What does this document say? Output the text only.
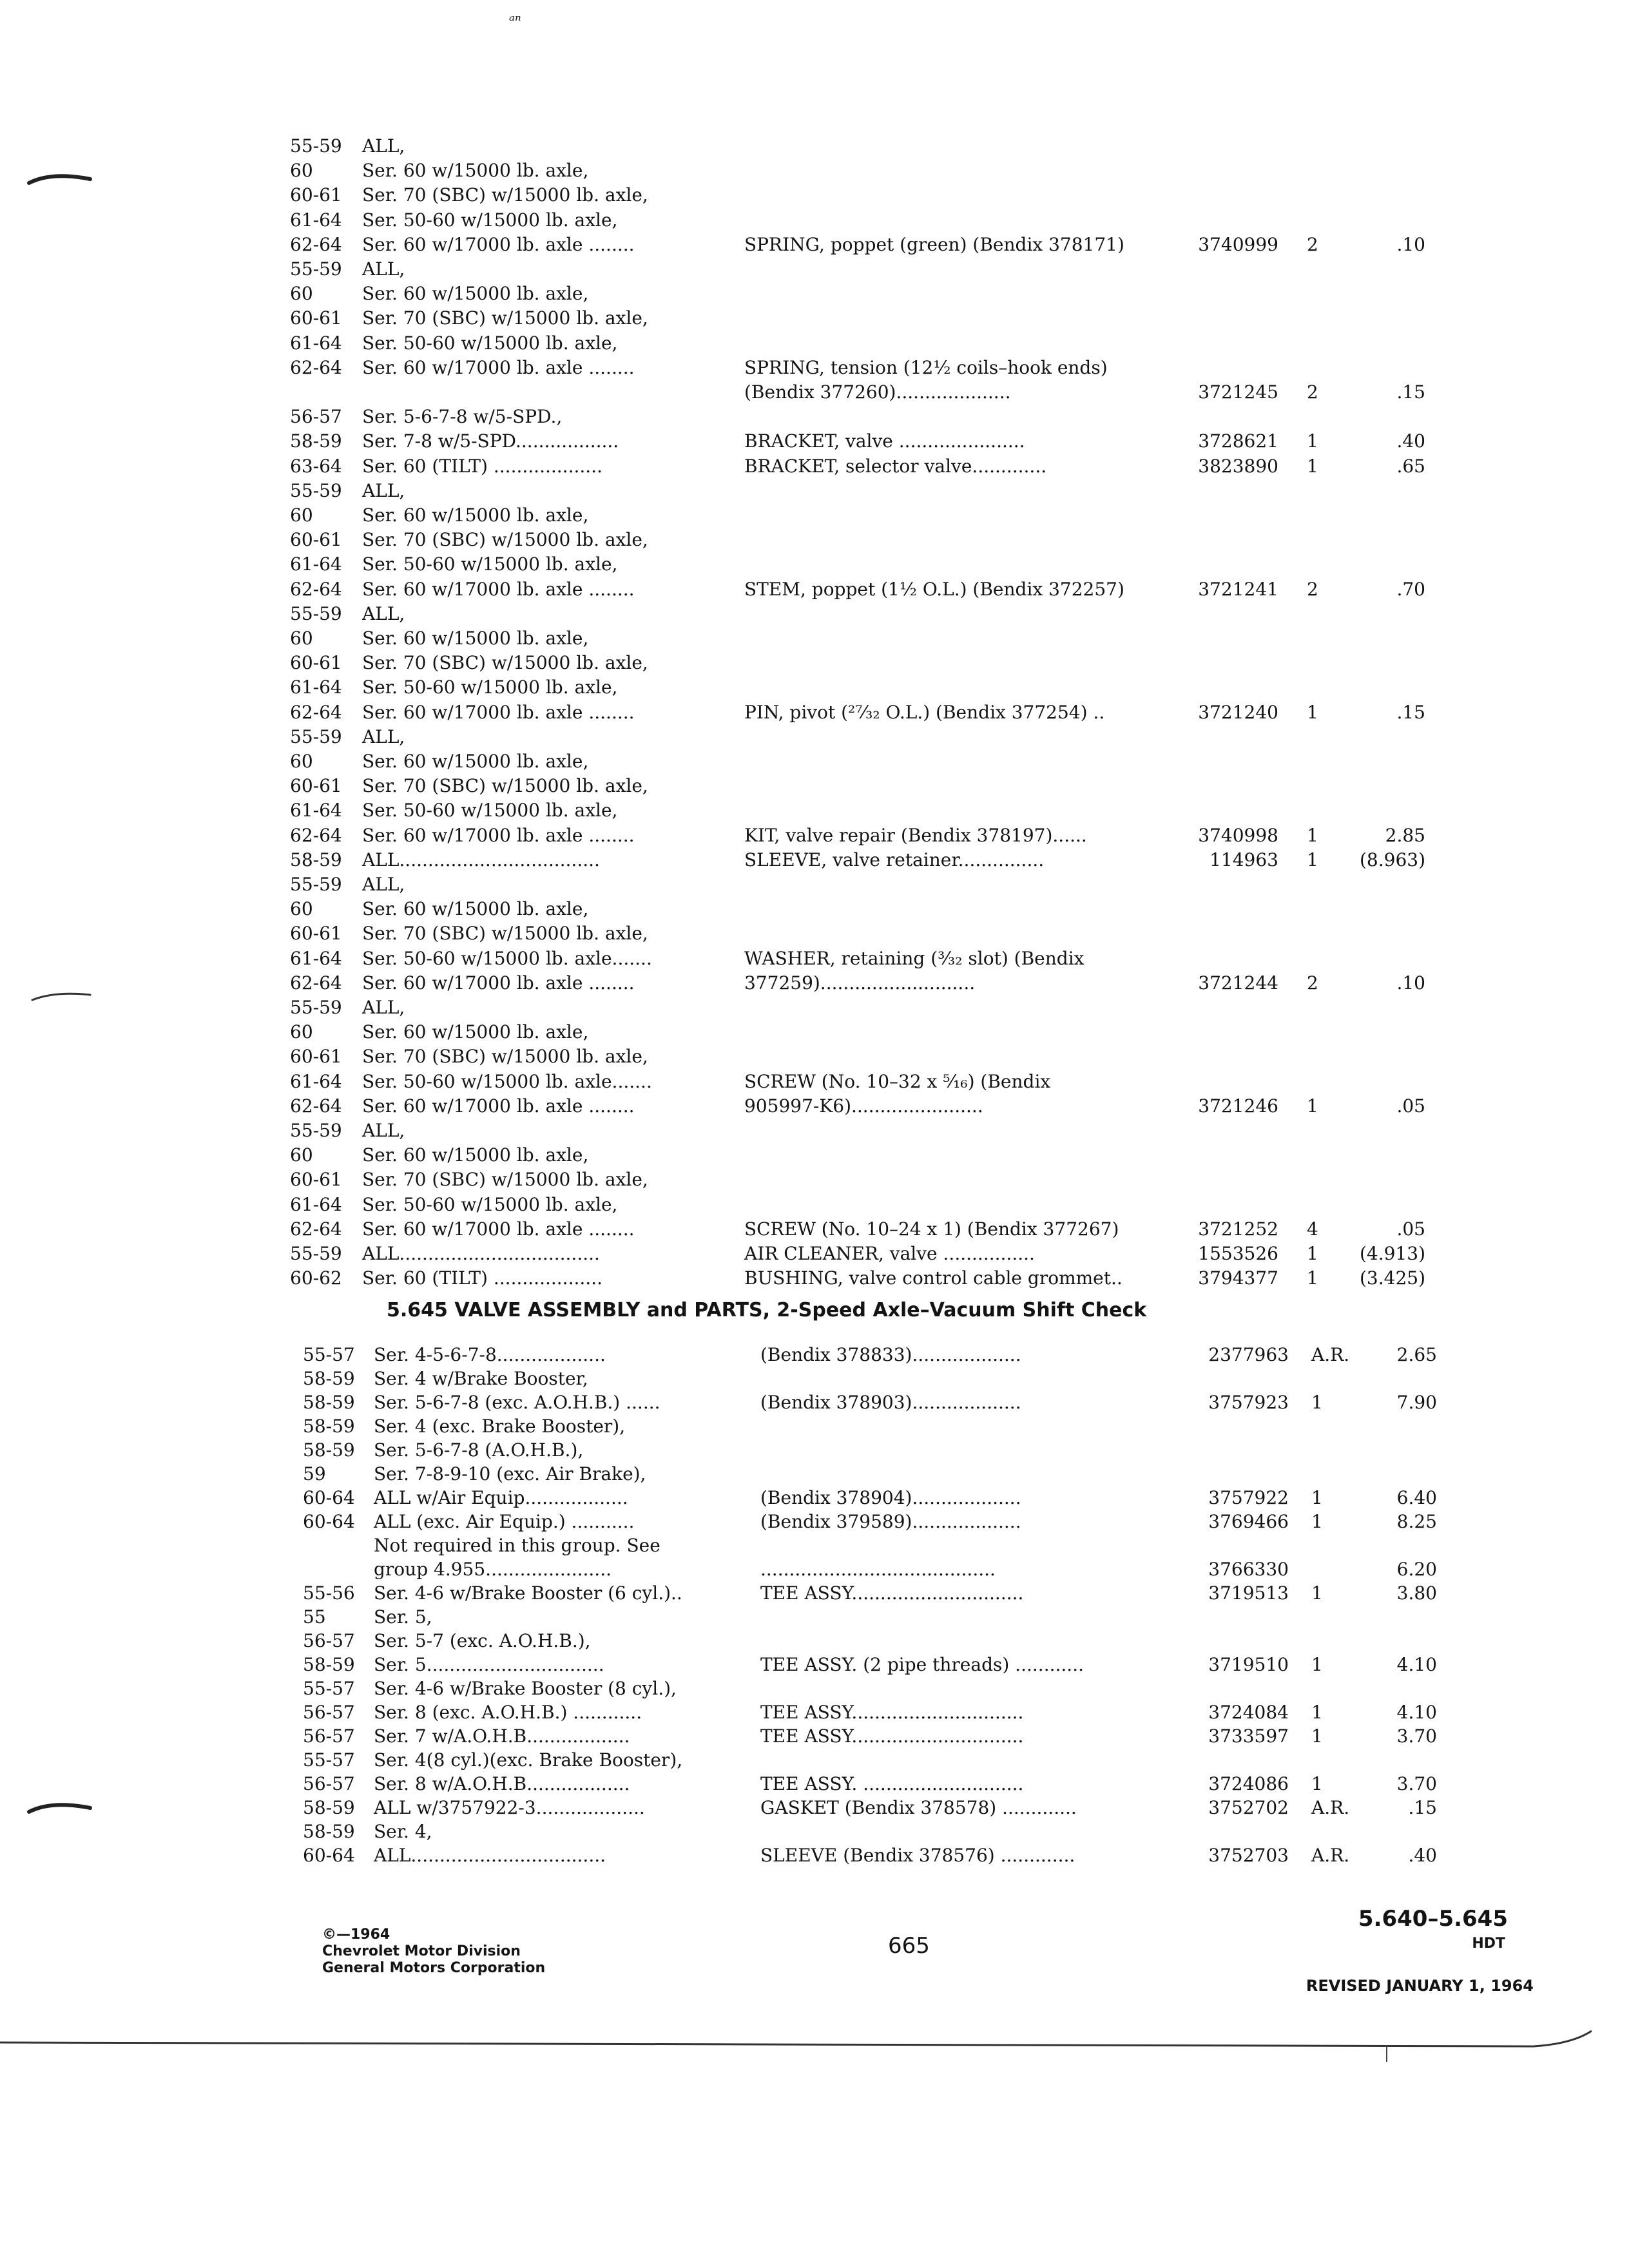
ᵃⁿ
55-59 ALL,
60	Ser. 60 w/15000 lb. axle,
60-61 Ser. 70 (SBC) w/15000 lb. axle,
61-64 Ser. 50-60 w/15000 lb. axle,
62-64 Ser. 60 w/17000 lb. axle ........	SPRING, poppet (green) (Bendix 378171)	3740999 2	.10
55-59 ALL,
60	Ser. 60 w/15000 lb. axle,
60-61 Ser. 70 (SBC) w/15000 lb. axle,
61-64 Ser. 50-60 w/15000 lb. axle,
62-64 Ser. 60 w/17000 lb. axle ........	SPRING, tension (12½ coils–hook ends)
(Bendix 377260)....................	3721245 2	.15
56-57 Ser. 5-6-7-8 w/5-SPD.,
58-59 Ser. 7-8 w/5-SPD..................	BRACKET, valve ......................	3728621 1	.40
63-64 Ser. 60 (TILT) ...................	BRACKET, selector valve.............	3823890 1	.65
55-59 ALL,
60	Ser. 60 w/15000 lb. axle,
60-61 Ser. 70 (SBC) w/15000 lb. axle,
61-64 Ser. 50-60 w/15000 lb. axle,
62-64 Ser. 60 w/17000 lb. axle ........	STEM, poppet (1½ O.L.) (Bendix 372257)	3721241 2	.70
55-59 ALL,
60	Ser. 60 w/15000 lb. axle,
60-61 Ser. 70 (SBC) w/15000 lb. axle,
61-64 Ser. 50-60 w/15000 lb. axle,
62-64 Ser. 60 w/17000 lb. axle ........	PIN, pivot (²⁷⁄₃₂ O.L.) (Bendix 377254) ..	3721240 1	.15
55-59 ALL,
60	Ser. 60 w/15000 lb. axle,
60-61 Ser. 70 (SBC) w/15000 lb. axle,
61-64 Ser. 50-60 w/15000 lb. axle,
62-64 Ser. 60 w/17000 lb. axle ........	KIT, valve repair (Bendix 378197)......	3740998 1	2.85
58-59 ALL...................................	SLEEVE, valve retainer...............	114963 1 (8.963)
55-59 ALL,
60	Ser. 60 w/15000 lb. axle,
60-61 Ser. 70 (SBC) w/15000 lb. axle,
61-64 Ser. 50-60 w/15000 lb. axle.......	WASHER, retaining (³⁄₃₂ slot) (Bendix
62-64 Ser. 60 w/17000 lb. axle ........	377259)...........................	3721244 2	.10
55-59 ALL,
60	Ser. 60 w/15000 lb. axle,
60-61 Ser. 70 (SBC) w/15000 lb. axle,
61-64 Ser. 50-60 w/15000 lb. axle.......	SCREW (No. 10–32 x ⁵⁄₁₆) (Bendix
62-64 Ser. 60 w/17000 lb. axle ........	905997-K6).......................	3721246 1	.05
55-59 ALL,
60	Ser. 60 w/15000 lb. axle,
60-61 Ser. 70 (SBC) w/15000 lb. axle,
61-64 Ser. 50-60 w/15000 lb. axle,
62-64 Ser. 60 w/17000 lb. axle ........	SCREW (No. 10–24 x 1) (Bendix 377267)	3721252 4	.05
55-59 ALL...................................	AIR CLEANER, valve ................	1553526 1 (4.913)
60-62 Ser. 60 (TILT) ...................	BUSHING, valve control cable grommet..	3794377 1 (3.425)
5.645 VALVE ASSEMBLY and PARTS, 2-Speed Axle–Vacuum Shift Check
55-57 Ser. 4-5-6-7-8...................	(Bendix 378833)...................	2377963 A.R.	2.65
58-59 Ser. 4 w/Brake Booster,
58-59 Ser. 5-6-7-8 (exc. A.O.H.B.) ......	(Bendix 378903)...................	3757923 1	7.90
58-59 Ser. 4 (exc. Brake Booster),
58-59 Ser. 5-6-7-8 (A.O.H.B.),
59	Ser. 7-8-9-10 (exc. Air Brake),
60-64 ALL w/Air Equip..................	(Bendix 378904)...................	3757922 1	6.40
60-64 ALL (exc. Air Equip.) ...........	(Bendix 379589)...................	3769466 1	8.25
Not required in this group. See
group 4.955......................	.........................................	3766330	6.20
55-56 Ser. 4-6 w/Brake Booster (6 cyl.)..	TEE ASSY..............................	3719513 1	3.80
55	Ser. 5,
56-57 Ser. 5-7 (exc. A.O.H.B.),
58-59 Ser. 5...............................	TEE ASSY. (2 pipe threads) ............	3719510 1	4.10
55-57 Ser. 4-6 w/Brake Booster (8 cyl.),
56-57 Ser. 8 (exc. A.O.H.B.) ............	TEE ASSY..............................	3724084 1	4.10
56-57 Ser. 7 w/A.O.H.B..................	TEE ASSY..............................	3733597 1	3.70
55-57 Ser. 4(8 cyl.)(exc. Brake Booster),
56-57 Ser. 8 w/A.O.H.B..................	TEE ASSY. ............................	3724086 1	3.70
58-59 ALL w/3757922-3...................	GASKET (Bendix 378578) .............	3752702 A.R.	.15
58-59 Ser. 4,
60-64 ALL..................................	SLEEVE (Bendix 378576) .............	3752703 A.R.	.40
©—1964
Chevrolet Motor Division
General Motors Corporation
665
5.640–5.645
HDT
REVISED JANUARY 1, 1964
